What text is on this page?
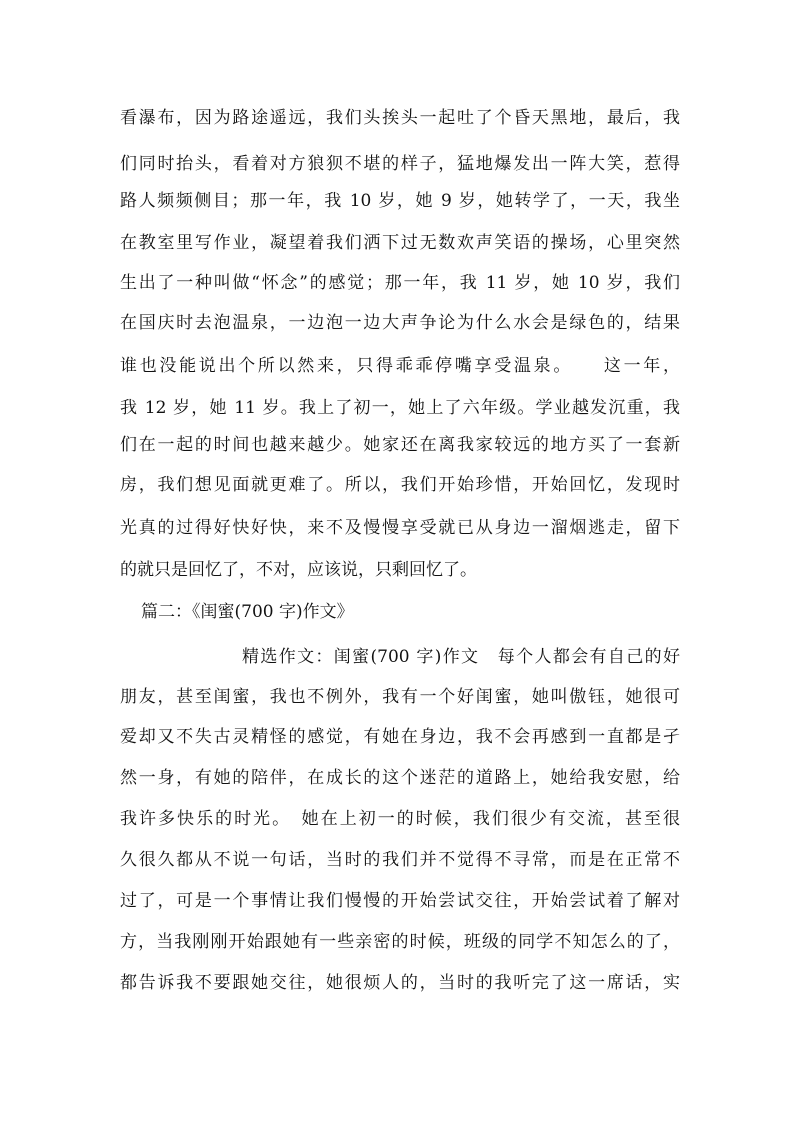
看瀑布，因为路途遥远，我们头挨头一起吐了个昏天黑地，最后，我
们同时抬头，看着对方狼狈不堪的样子，猛地爆发出一阵大笑，惹得
路人频频侧目；那一年，我 10 岁，她 9 岁，她转学了，一天，我坐
在教室里写作业，凝望着我们洒下过无数欢声笑语的操场，心里突然
生出了一种叫做“怀念”的感觉；那一年，我 11 岁，她 10 岁，我们
在国庆时去泡温泉，一边泡一边大声争论为什么水会是绿色的，结果
谁也没能说出个所以然来，只得乖乖停嘴享受温泉。　　这一年，
我 12 岁，她 11 岁。我上了初一，她上了六年级。学业越发沉重，我
们在一起的时间也越来越少。她家还在离我家较远的地方买了一套新
房，我们想见面就更难了。所以，我们开始珍惜，开始回忆，发现时
光真的过得好快好快，来不及慢慢享受就已从身边一溜烟逃走，留下
的就只是回忆了，不对，应该说，只剩回忆了。
篇二：《闺蜜(700 字)作文》
精选作文：闺蜜(700 字)作文　每个人都会有自己的好
朋友，甚至闺蜜，我也不例外，我有一个好闺蜜，她叫傲钰，她很可
爱却又不失古灵精怪的感觉，有她在身边，我不会再感到一直都是孑
然一身，有她的陪伴，在成长的这个迷茫的道路上，她给我安慰，给
我许多快乐的时光。　她在上初一的时候，我们很少有交流，甚至很
久很久都从不说一句话，当时的我们并不觉得不寻常，而是在正常不
过了，可是一个事情让我们慢慢的开始尝试交往，开始尝试着了解对
方，当我刚刚开始跟她有一些亲密的时候，班级的同学不知怎么的了，
都告诉我不要跟她交往，她很烦人的，当时的我听完了这一席话，实
